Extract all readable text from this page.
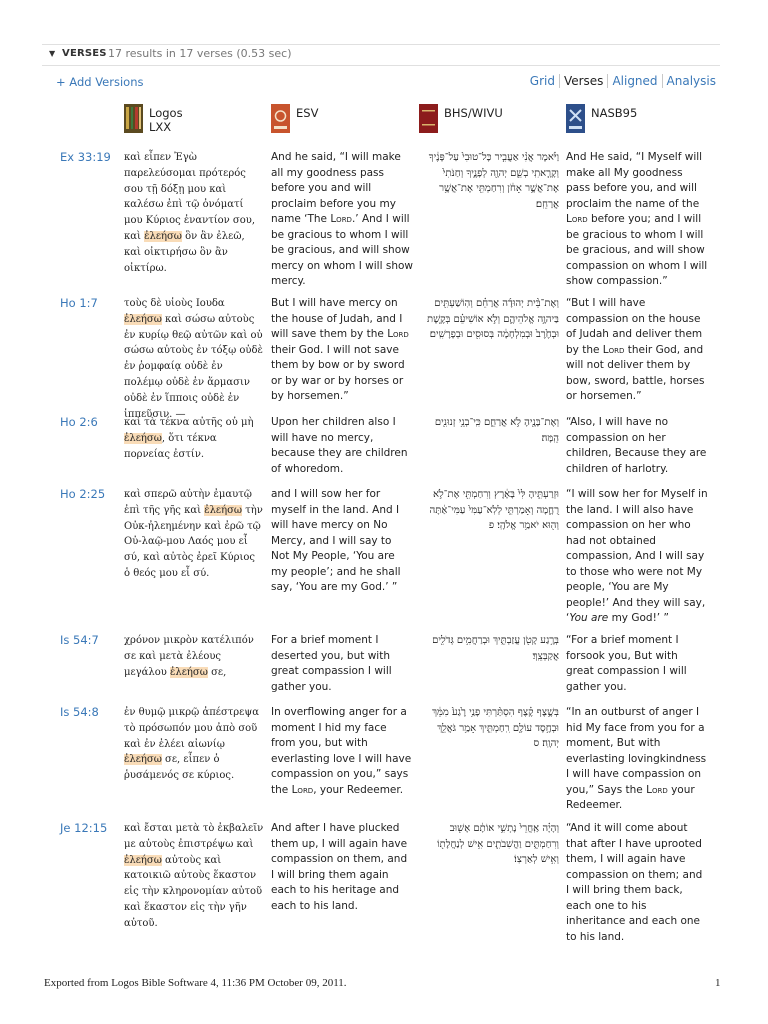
▼ VERSES 17 results in 17 verses (0.53 sec)
+ Add Versions	Grid Verses Aligned Analysis
Logos LXX
ESV	BHS/WIVU	NASB95
Ex 33:19 καὶ εἶπεν Ἐγὼ παρελεύσομαι πρότερός σου τῇ δόξῃ μου καὶ καλέσω ἐπὶ τῷ ὀνόματί μου Κύριος ἐναντίον σου, καὶ ἐλεήσω ὃν ἂν ἐλεῶ, καὶ οἰκτιρήσω ὃν ἂν οἰκτίρω.
And he said, “I will make all my goodness pass before you and will proclaim before you my name ‘The Lord.’ And I will be gracious to whom I will be gracious, and will show mercy on whom I will show mercy.
וַיֹּ֗אמֶר אֲנִ֨י אַעֲבִ֤יר כָּל־טוּבִי֙ עַל־פָּנֶ֔יךָ וְקָרָ֧אתִֽי בְשֵׁ֛ם יְהוָ֖ה לְפָנֶ֑יךָ וְחַנֹּתִי֙ אֶת־אֲשֶׁ֣ר אָחֹ֔ן וְרִחַמְתִּ֖י אֶת־אֲשֶׁ֥ר אֲרַחֵֽם׃
And He said, “I Myself will make all My goodness pass before you, and will proclaim the name of the Lord before you; and I will be gracious to whom I will be gracious, and will show compassion on whom I will show compassion.”
Ho 1:7	τοὺς δὲ υἱοὺς Ιουδα ἐλεήσω καὶ σώσω αὐτοὺς ἐν κυρίῳ θεῷ αὐτῶν καὶ οὐ σώσω αὐτοὺς ἐν τόξῳ οὐδὲ ἐν ῥομφαίᾳ οὐδὲ ἐν πολέμῳ οὐδὲ ἐν ἅρμασιν οὐδὲ ἐν ἵπποις οὐδὲ ἐν ἱππεῦσιν. —
But I will have mercy on the house of Judah, and I will save them by the Lord their God. I will not save them by bow or by sword or by war or by horses or by horsemen.”
וְאֶת־בֵּ֨ית יְהוּדָ֜ה אֲרַחֵ֗ם וְהֽוֹשַׁעְתִּ֖ים בַּיהוָ֣ה אֱלֹהֵיהֶ֑ם וְלֹ֣א אוֹשִׁיעֵ֗ם בְּקֶ֤שֶׁת וּבְחֶ֙רֶב֙ וּבְמִלְחָמָ֔ה בְּסוּסִ֖ים וּבְפָרָשִֽׁים׃
“But I will have compassion on the house of Judah and deliver them by the Lord their God, and will not deliver them by bow, sword, battle, horses or horsemen.”
Ho 2:6	καὶ τὰ τέκνα αὐτῆς οὐ μὴ ἐλεήσω, ὅτι τέκνα πορνείας ἐστίν.
Upon her children also I will have no mercy, because they are children of whoredom.
וְאֶת־בָּנֶ֖יהָ לֹ֣א אֲרַחֵ֑ם כִּֽי־בְנֵ֥י זְנוּנִ֖ים הֵֽמָּה׃
“Also, I will have no compassion on her children, Because they are children of harlotry.
Ho 2:25 καὶ σπερῶ αὐτὴν ἐμαυτῷ ἐπὶ τῆς γῆς καὶ ἐλεήσω τὴν Οὐκ-ἠλεημένην καὶ ἐρῶ τῷ Οὐ-λαῷ-μου Λαός μου εἶ σύ, καὶ αὐτὸς ἐρεῖ Κύριος ὁ θεός μου εἶ σύ.
and I will sow her for myself in the land. And I will have mercy on No Mercy, and I will say to Not My People, ‘You are my people’; and he shall say, ‘You are my God.’ ”
וּזְרַעְתִּ֤יהָ לִּי֙ בָּאָ֔רֶץ וְרִחַמְתִּ֖י אֶת־לֹ֣א רֻחָ֑מָה וְאָמַרְתִּ֤י לְלֹֽא־עַמִּי֙ עַמִּי־אַ֔תָּה וְה֖וּא יֹאמַ֥ר אֱלֹהָֽי׃ פ
“I will sow her for Myself in the land. I will also have compassion on her who had not obtained compassion, And I will say to those who were not My people, ‘You are My people!’ And they will say, ‘You are my God!’ ”
Is 54:7	χρόνον μικρὸν κατέλιπόν σε καὶ μετὰ ἐλέους μεγάλου ἐλεήσω σε,
For a brief moment I deserted you, but with great compassion I will gather you.
בְּרֶ֥גַע קָטֹ֖ן עֲזַבְתִּ֑יךְ וּבְרַחֲמִ֥ים גְּדֹלִ֖ים אֲקַבְּצֵֽךְ׃
“For a brief moment I forsook you, But with great compassion I will gather you.
Is 54:8	ἐν θυμῷ μικρῷ ἀπέστρεψα τὸ πρόσωπόν μου ἀπὸ σοῦ καὶ ἐν ἐλέει αἰωνίῳ ἐλεήσω σε, εἶπεν ὁ ῥυσάμενός σε κύριος.
In overflowing anger for a moment I hid my face from you, but with everlasting love I will have compassion on you,” says the Lord, your Redeemer.
בְּשֶׁ֣צֶף קֶ֗צֶף הִסְתַּ֨רְתִּי פָנַ֥י רֶ֙גַע֙ מִמֵּ֔ךְ וּבְחֶ֥סֶד עוֹלָ֖ם רִֽחַמְתִּ֑יךְ אָמַ֥ר גֹּאֲלֵ֖ךְ יְהוָֽה׃ ס
“In an outburst of anger I hid My face from you for a moment, But with everlasting lovingkindness I will have compassion on you,” Says the Lord your Redeemer.
Je 12:15 καὶ ἔσται μετὰ τὸ ἐκβαλεῖν με αὐτοὺς ἐπιστρέψω καὶ ἐλεήσω αὐτοὺς καὶ κατοικιῶ αὐτοὺς ἕκαστον εἰς τὴν κληρονομίαν αὐτοῦ καὶ ἕκαστον εἰς τὴν γῆν αὐτοῦ.
And after I have plucked them up, I will again have compassion on them, and I will bring them again each to his heritage and each to his land.
וְהָיָ֗ה אַֽחֲרֵי֙ נָתְשִׁ֣י אוֹתָ֔ם אָשׁ֖וּב וְרִחַמְתִּ֑ים וַהֲשִׁבֹתִ֛ים אִ֥ישׁ לְנַחֲלָת֖וֹ וְאִ֥ישׁ לְאַרְצֽוֹ׃
“And it will come about that after I have uprooted them, I will again have compassion on them; and I will bring them back, each one to his inheritance and each one to his land.
Exported from Logos Bible Software 4, 11:36 PM October 09, 2011.	1
